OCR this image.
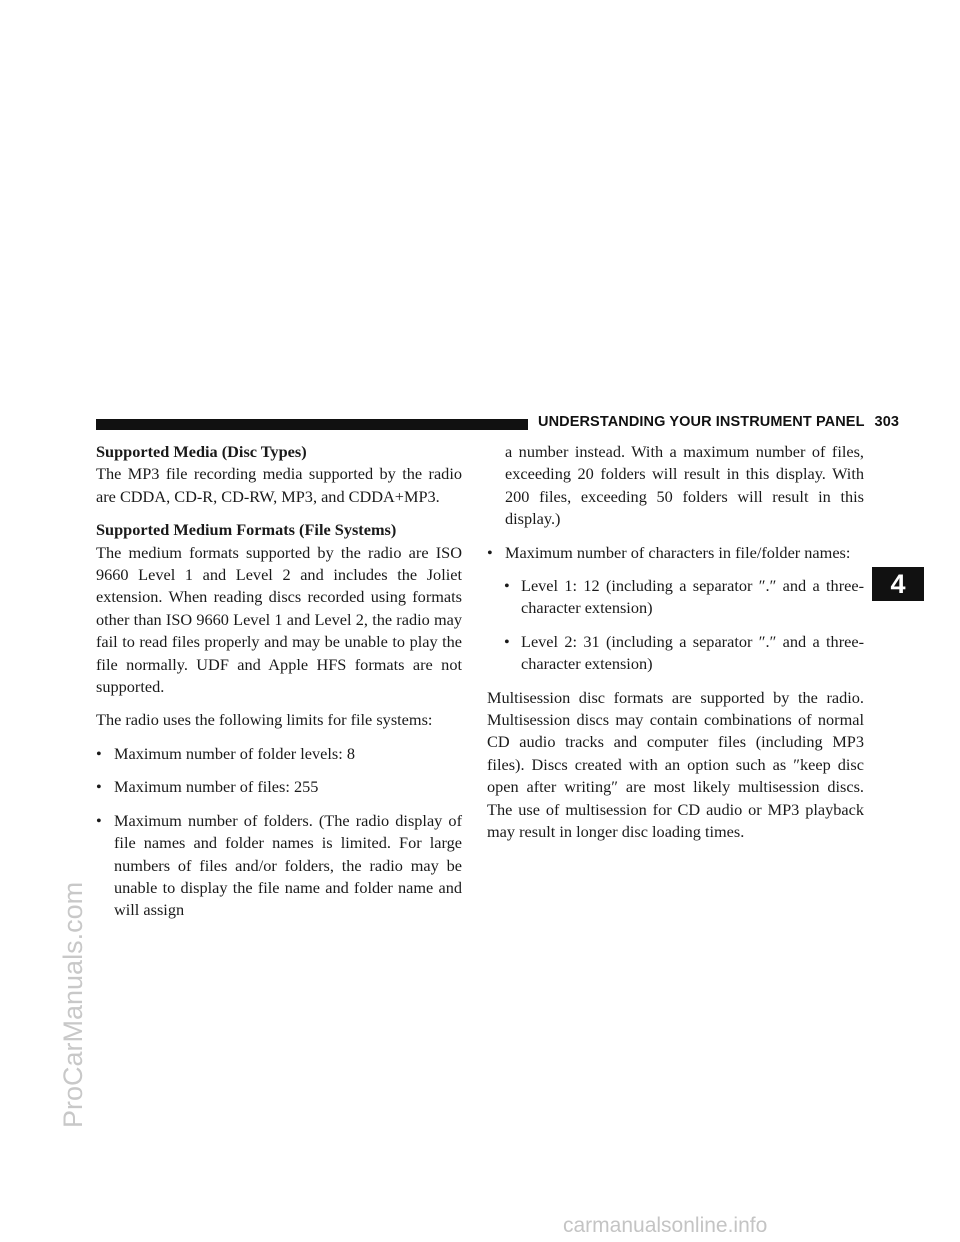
UNDERSTANDING YOUR INSTRUMENT PANEL 303
Supported Media (Disc Types)
The MP3 file recording media supported by the radio are CDDA, CD-R, CD-RW, MP3, and CDDA+MP3.
Supported Medium Formats (File Systems)
The medium formats supported by the radio are ISO 9660 Level 1 and Level 2 and includes the Joliet extension. When reading discs recorded using formats other than ISO 9660 Level 1 and Level 2, the radio may fail to read files properly and may be unable to play the file normally. UDF and Apple HFS formats are not supported.

The radio uses the following limits for file systems:

• Maximum number of folder levels: 8
• Maximum number of files: 255
• Maximum number of folders. (The radio display of file names and folder names is limited. For large numbers of files and/or folders, the radio may be unable to display the file name and folder name and will assign

a number instead. With a maximum number of files, exceeding 20 folders will result in this display. With 200 files, exceeding 50 folders will result in this display.)

• Maximum number of characters in file/folder names:
• Level 1: 12 (including a separator ″.″ and a three-character extension)
• Level 2: 31 (including a separator ″.″ and a three-character extension)

Multisession disc formats are supported by the radio. Multisession discs may contain combinations of normal CD audio tracks and computer files (including MP3 files). Discs created with an option such as ″keep disc open after writing″ are most likely multisession discs. The use of multisession for CD audio or MP3 playback may result in longer disc loading times.

4
ProCarManuals.com
carmanualsonline.info
